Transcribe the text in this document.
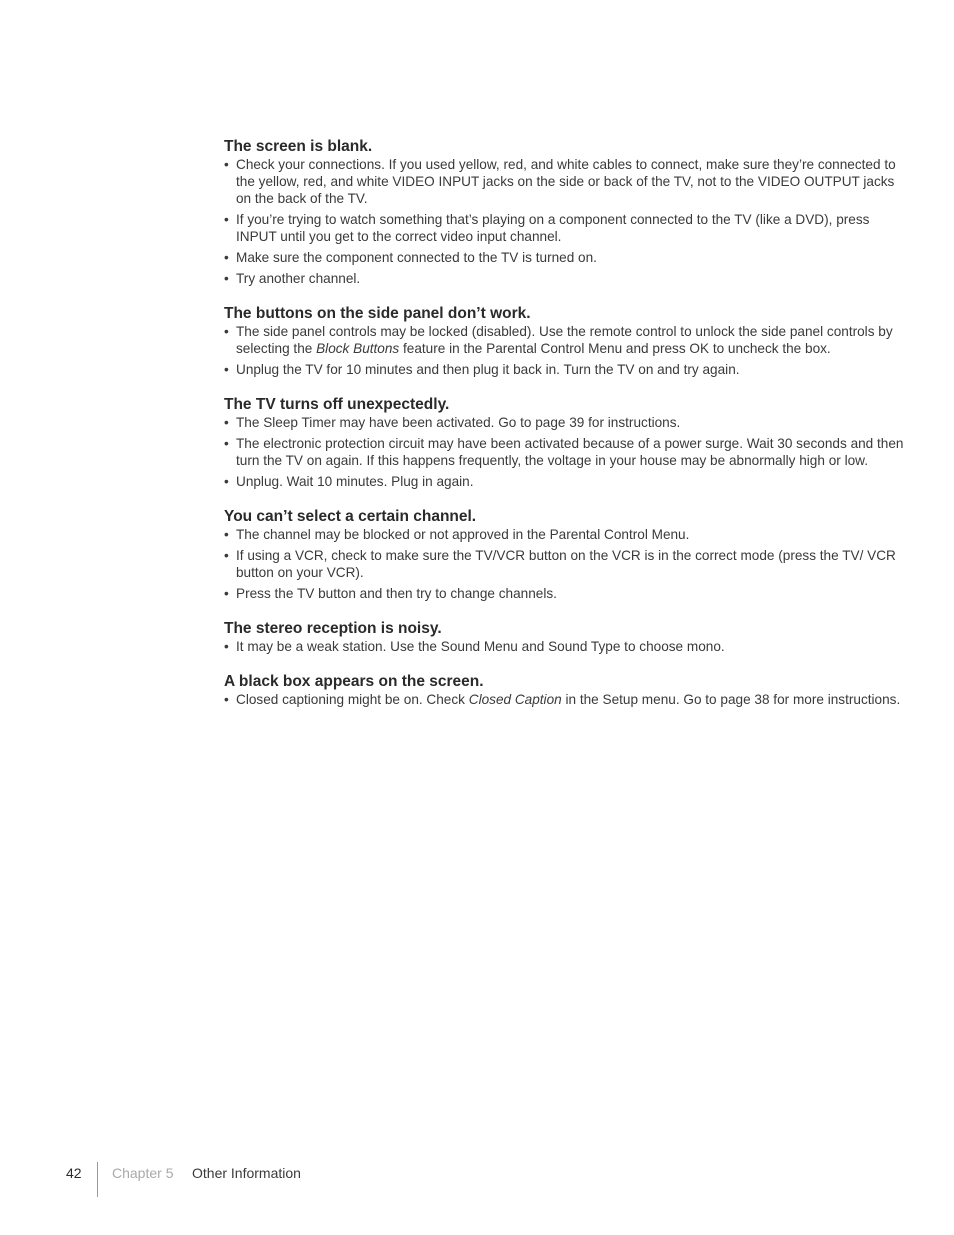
The screen is blank.
• Check your connections. If you used yellow, red, and white cables to connect, make sure they’re connected to the yellow, red, and white VIDEO INPUT jacks on the side or back of the TV, not to the VIDEO OUTPUT jacks on the back of the TV.
• If you’re trying to watch something that’s playing on a component connected to the TV (like a DVD), press INPUT until you get to the correct video input channel.
• Make sure the component connected to the TV is turned on.
• Try another channel.
The buttons on the side panel don’t work.
• The side panel controls may be locked (disabled). Use the remote control to unlock the side panel controls by selecting the Block Buttons feature in the Parental Control Menu and press OK to uncheck the box.
• Unplug the TV for 10 minutes and then plug it back in. Turn the TV on and try again.
The TV turns off unexpectedly.
• The Sleep Timer may have been activated. Go to page 39 for instructions.
• The electronic protection circuit may have been activated because of a power surge. Wait 30 seconds and then turn the TV on again. If this happens frequently, the voltage in your house may be abnormally high or low.
• Unplug. Wait 10 minutes. Plug in again.
You can’t select a certain channel.
• The channel may be blocked or not approved in the Parental Control Menu.
• If using a VCR, check to make sure the TV/VCR button on the VCR is in the correct mode (press the TV/ VCR button on your VCR).
• Press the TV button and then try to change channels.
The stereo reception is noisy.
• It may be a weak station. Use the Sound Menu and Sound Type to choose mono.
A black box appears on the screen.
• Closed captioning might be on. Check Closed Caption in the Setup menu. Go to page 38 for more instructions.
42 Chapter 5 Other Information
